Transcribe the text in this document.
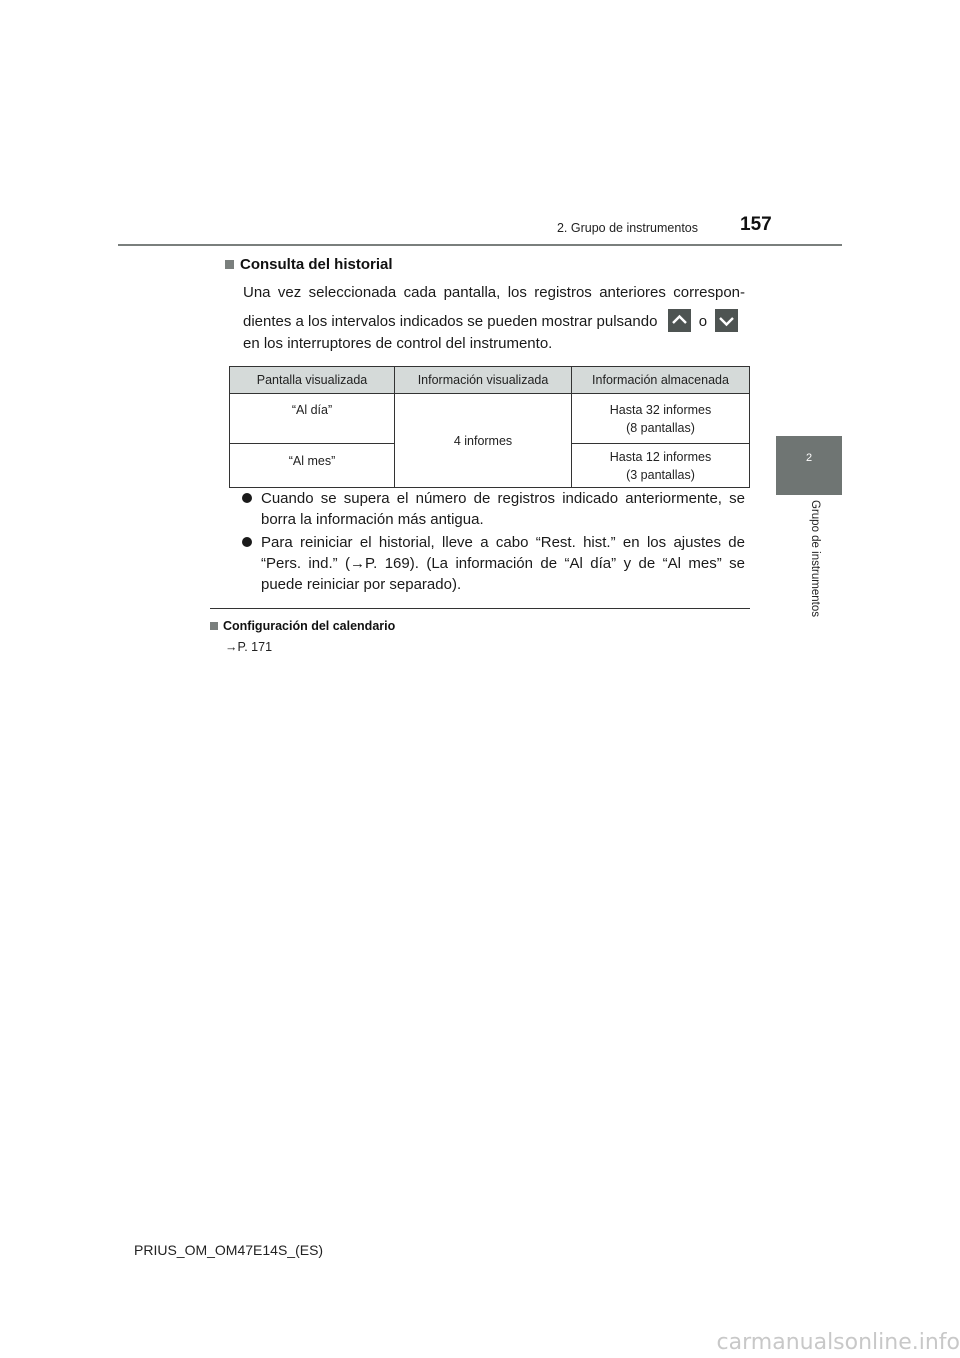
2. Grupo de instrumentos 157
2
Grupo de instrumentos
Consulta del historial
Una vez seleccionada cada pantalla, los registros anteriores correspon-
dientes a los intervalos indicados se pueden mostrar pulsando	o
en los interruptores de control del instrumento.
Pantalla visualizada	Información visualizada	Información almacenada
“Al día”	4 informes	Hasta 32 informes
(8 pantallas)

“Al mes”		Hasta 12 informes
(3 pantallas)
Cuando se supera el número de registros indicado anteriormente, se
borra la información más antigua.
Para reiniciar el historial, lleve a cabo “Rest. hist.” en los ajustes de
“Pers. ind.” (→P. 169). (La información de “Al día” y de “Al mes” se
puede reiniciar por separado).
Configuración del calendario
→P. 171
PRIUS_OM_OM47E14S_(ES)
carmanualsonline.info
